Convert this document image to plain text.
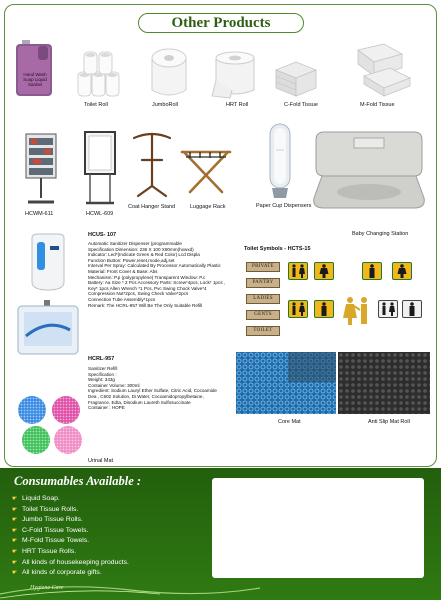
Other Products
Hand Wash Soap Liquid Sanbel
Toilet Roll	JumboRoll	HRT Roll	C-Fold Tissue	M-Fold Tissue
HCWM-611	HCWL-609
Coat Hanger Stand	Luggage Rack	Paper Cup Dispensers
Baby Changing Station
HCUS- 107
Automatic Sanitizer Dispenser (programmable
Specification Dimension: 236 X 100 X90mm(hxwxd)
Indicator: Led*(Indicate Green & Red Color) Lcd Displa
Function Button: Power,reset,mode,adj,set
Interval Per Spray: Calculated By Processor Automatically Plastic
Material: Front Cover & Base: Abs
Mechanism: P.p (polypropylene) Transparent Window: P.c
Battery: Aa Size * 2 Pcs Accessory Parts: Screw*4pcs, Lock* 1pcs ,
Key* 1pcs Allen Wrench *1 Pcs, Pvc Swing Chock Valve*4
Compression Nut*2pcs, Swing Check Valve*2pcs
Connection Tube Assembly*1pcs
Remark: The HCRL-957 Will Be The Only Suitable Refill
HCRL-957
Sanitizer Refill
Specification :
Weight: 343g
Container Volume: 300ml
Ingredient: Sodium Lauryl Ether Sulfate, Citric Acid, Cocoamide
Dea , C602 Solution, Di Water, Cocoamidopropylbetaine,
Fragrance, Edta, Disodium Laureth Sulfosuccinate
Container : HOPE
Toilet Symbols - HCTS-15
PRIVATE
PANTRY
LADIES
GENTS
TOILET
Urinal Mat
Core Mat	Anti Slip Mat Roll
Consumables Available :
☛ Liquid Soap.
☛ Toilet Tissue Rolls.
☛ Jumbo Tissue Rolls.
☛ C-Fold Tissue Towels.
☛ M-Fold Tissue Towels.
☛ HRT Tissue Rolls.
☛ All kinds of housekeeping products.
☛ All kinds of corporate gifts.
Hygiene Care
